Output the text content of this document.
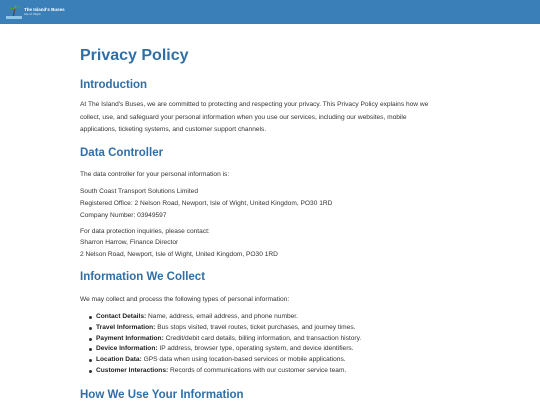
The Island's Buses
Isle of Wight
Privacy Policy
Introduction

At The Island's Buses, we are committed to protecting and respecting your privacy. This Privacy Policy explains how we collect, use, and safeguard your personal information when you use our services, including our websites, mobile applications, ticketing systems, and customer support channels.

Data Controller
The data controller for your personal information is:
South Coast Transport Solutions Limited
Registered Office: 2 Nelson Road, Newport, Isle of Wight, United Kingdom, PO30 1RD
Company Number: 03949597
For data protection inquiries, please contact:
Sharron Harrow, Finance Director
2 Nelson Road, Newport, Isle of Wight, United Kingdom, PO30 1RD
Information We Collect
We may collect and process the following types of personal information:
Contact Details: Name, address, email address, and phone number.
Travel Information: Bus stops visited, travel routes, ticket purchases, and journey times.
Payment Information: Credit/debit card details, billing information, and transaction history.
Device Information: IP address, browser type, operating system, and device identifiers.
Location Data: GPS data when using location-based services or mobile applications.
Customer Interactions: Records of communications with our customer service team.
How We Use Your Information
